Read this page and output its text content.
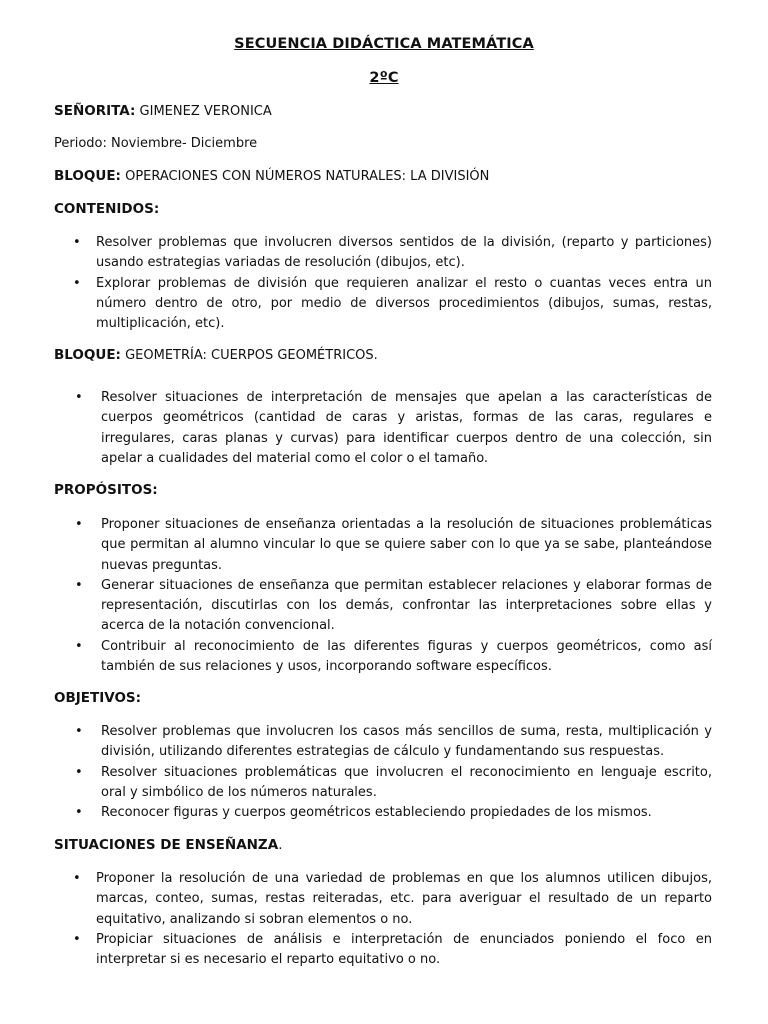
SECUENCIA DIDÁCTICA MATEMÁTICA
2ºC
SEÑORITA: GIMENEZ VERONICA
Periodo: Noviembre- Diciembre
BLOQUE: OPERACIONES CON NÚMEROS NATURALES: LA DIVISIÓN
CONTENIDOS:
• Resolver problemas que involucren diversos sentidos de la división, (reparto y particiones) usando estrategias variadas de resolución (dibujos, etc).
• Explorar problemas de división que requieren analizar el resto o cuantas veces entra un número dentro de otro, por medio de diversos procedimientos (dibujos, sumas, restas, multiplicación, etc).
BLOQUE: GEOMETRÍA: CUERPOS GEOMÉTRICOS.
• Resolver situaciones de interpretación de mensajes que apelan a las características de cuerpos geométricos (cantidad de caras y aristas, formas de las caras, regulares e irregulares, caras planas y curvas) para identificar cuerpos dentro de una colección, sin apelar a cualidades del material como el color o el tamaño.
PROPÓSITOS:
• Proponer situaciones de enseñanza orientadas a la resolución de situaciones problemáticas que permitan al alumno vincular lo que se quiere saber con lo que ya se sabe, planteándose nuevas preguntas.
• Generar situaciones de enseñanza que permitan establecer relaciones y elaborar formas de representación, discutirlas con los demás, confrontar las interpretaciones sobre ellas y acerca de la notación convencional.
• Contribuir al reconocimiento de las diferentes figuras y cuerpos geométricos, como así también de sus relaciones y usos, incorporando software específicos.
OBJETIVOS:
• Resolver problemas que involucren los casos más sencillos de suma, resta, multiplicación y división, utilizando diferentes estrategias de cálculo y fundamentando sus respuestas.
• Resolver situaciones problemáticas que involucren el reconocimiento en lenguaje escrito, oral y simbólico de los números naturales.
• Reconocer figuras y cuerpos geométricos estableciendo propiedades de los mismos.
SITUACIONES DE ENSEÑANZA.
• Proponer la resolución de una variedad de problemas en que los alumnos utilicen dibujos, marcas, conteo, sumas, restas reiteradas, etc. para averiguar el resultado de un reparto equitativo, analizando si sobran elementos o no.
• Propiciar situaciones de análisis e interpretación de enunciados poniendo el foco en interpretar si es necesario el reparto equitativo o no.
